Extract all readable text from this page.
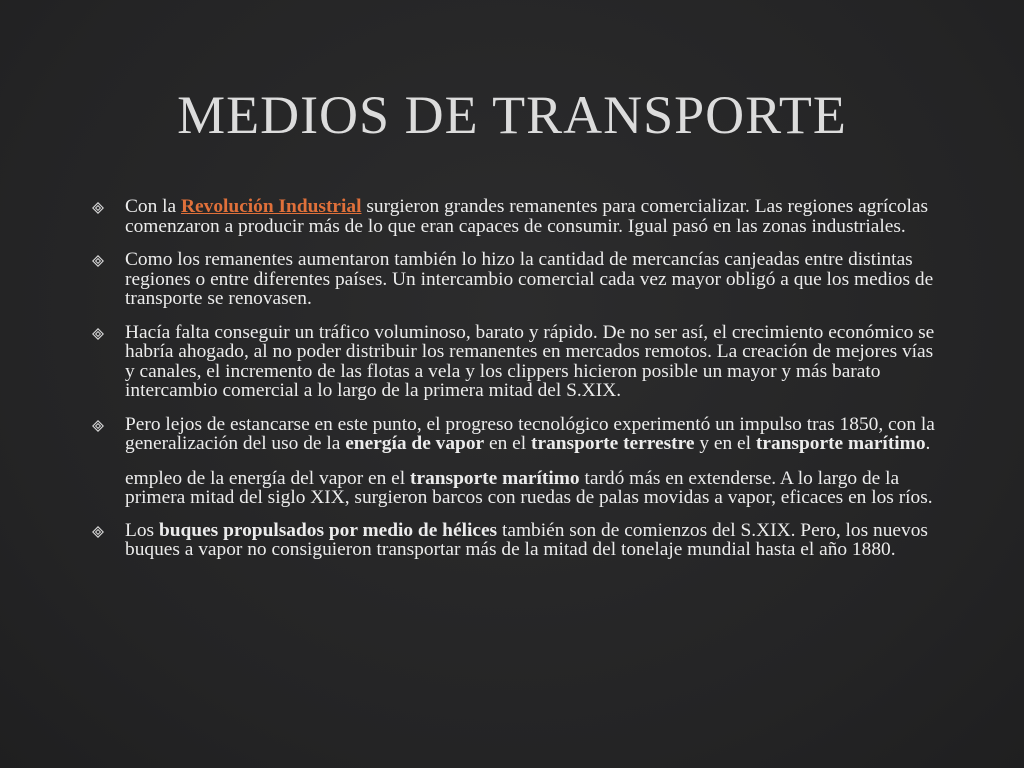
MEDIOS DE TRANSPORTE
Con la Revolución Industrial surgieron grandes remanentes para comercializar. Las regiones agrícolas comenzaron a producir más de lo que eran capaces de consumir. Igual pasó en las zonas industriales.
Como los remanentes aumentaron también lo hizo la cantidad de mercancías canjeadas entre distintas regiones o entre diferentes países. Un intercambio comercial cada vez mayor obligó a que los medios de transporte se renovasen.
Hacía falta conseguir un tráfico voluminoso, barato y rápido. De no ser así, el crecimiento económico se habría ahogado, al no poder distribuir los remanentes en mercados remotos. La creación de mejores vías y canales, el incremento de las flotas a vela y los clippers hicieron posible un mayor y más barato intercambio comercial a lo largo de la primera mitad del S.XIX.
Pero lejos de estancarse en este punto, el progreso tecnológico experimentó un impulso tras 1850, con la generalización del uso de la energía de vapor en el transporte terrestre y en el transporte marítimo.
empleo de la energía del vapor en el transporte marítimo tardó más en extenderse. A lo largo de la primera mitad del siglo XIX, surgieron barcos con ruedas de palas movidas a vapor, eficaces en los ríos.
Los buques propulsados por medio de hélices también son de comienzos del S.XIX. Pero, los nuevos buques a vapor no consiguieron transportar más de la mitad del tonelaje mundial hasta el año 1880.
